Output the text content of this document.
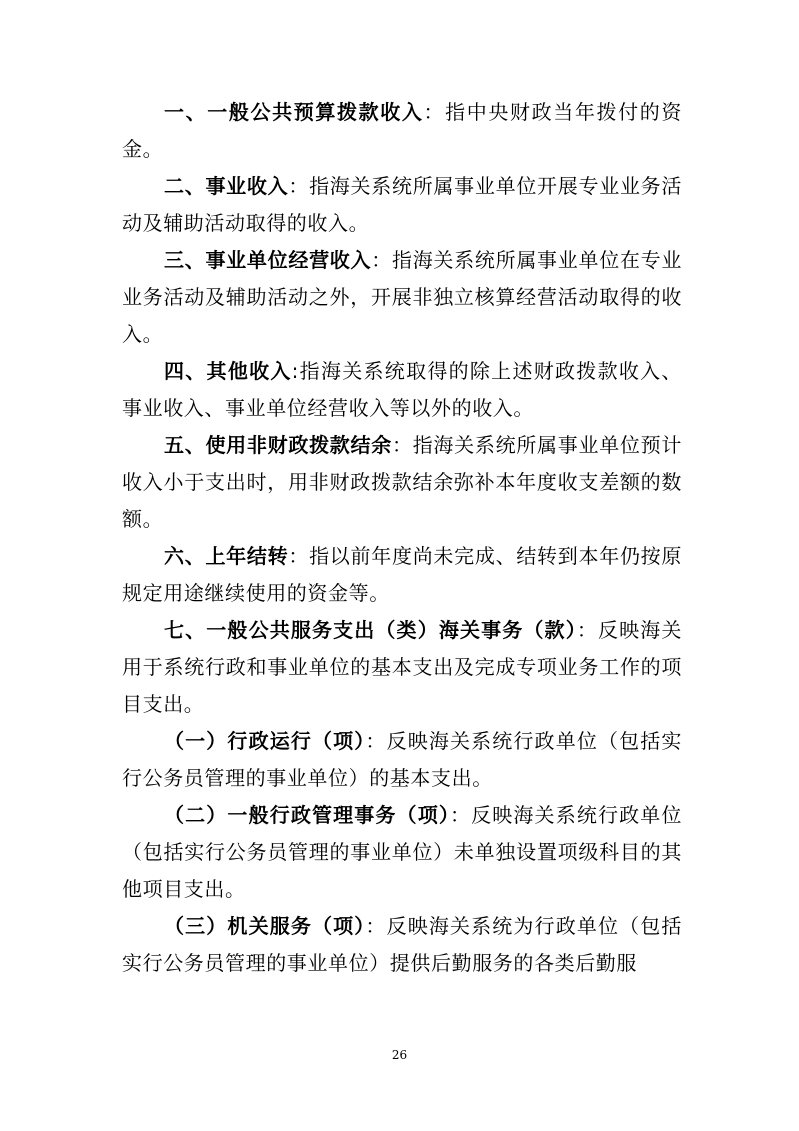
一、一般公共预算拨款收入：指中央财政当年拨付的资金。

二、事业收入：指海关系统所属事业单位开展专业业务活动及辅助活动取得的收入。

三、事业单位经营收入：指海关系统所属事业单位在专业业务活动及辅助活动之外，开展非独立核算经营活动取得的收入。

四、其他收入:指海关系统取得的除上述财政拨款收入、事业收入、事业单位经营收入等以外的收入。

五、使用非财政拨款结余：指海关系统所属事业单位预计收入小于支出时，用非财政拨款结余弥补本年度收支差额的数额。

六、上年结转：指以前年度尚未完成、结转到本年仍按原规定用途继续使用的资金等。

七、一般公共服务支出（类）海关事务（款）：反映海关用于系统行政和事业单位的基本支出及完成专项业务工作的项目支出。

（一）行政运行（项）：反映海关系统行政单位（包括实行公务员管理的事业单位）的基本支出。

（二）一般行政管理事务（项）：反映海关系统行政单位（包括实行公务员管理的事业单位）未单独设置项级科目的其他项目支出。

（三）机关服务（项）：反映海关系统为行政单位（包括实行公务员管理的事业单位）提供后勤服务的各类后勤服

26
